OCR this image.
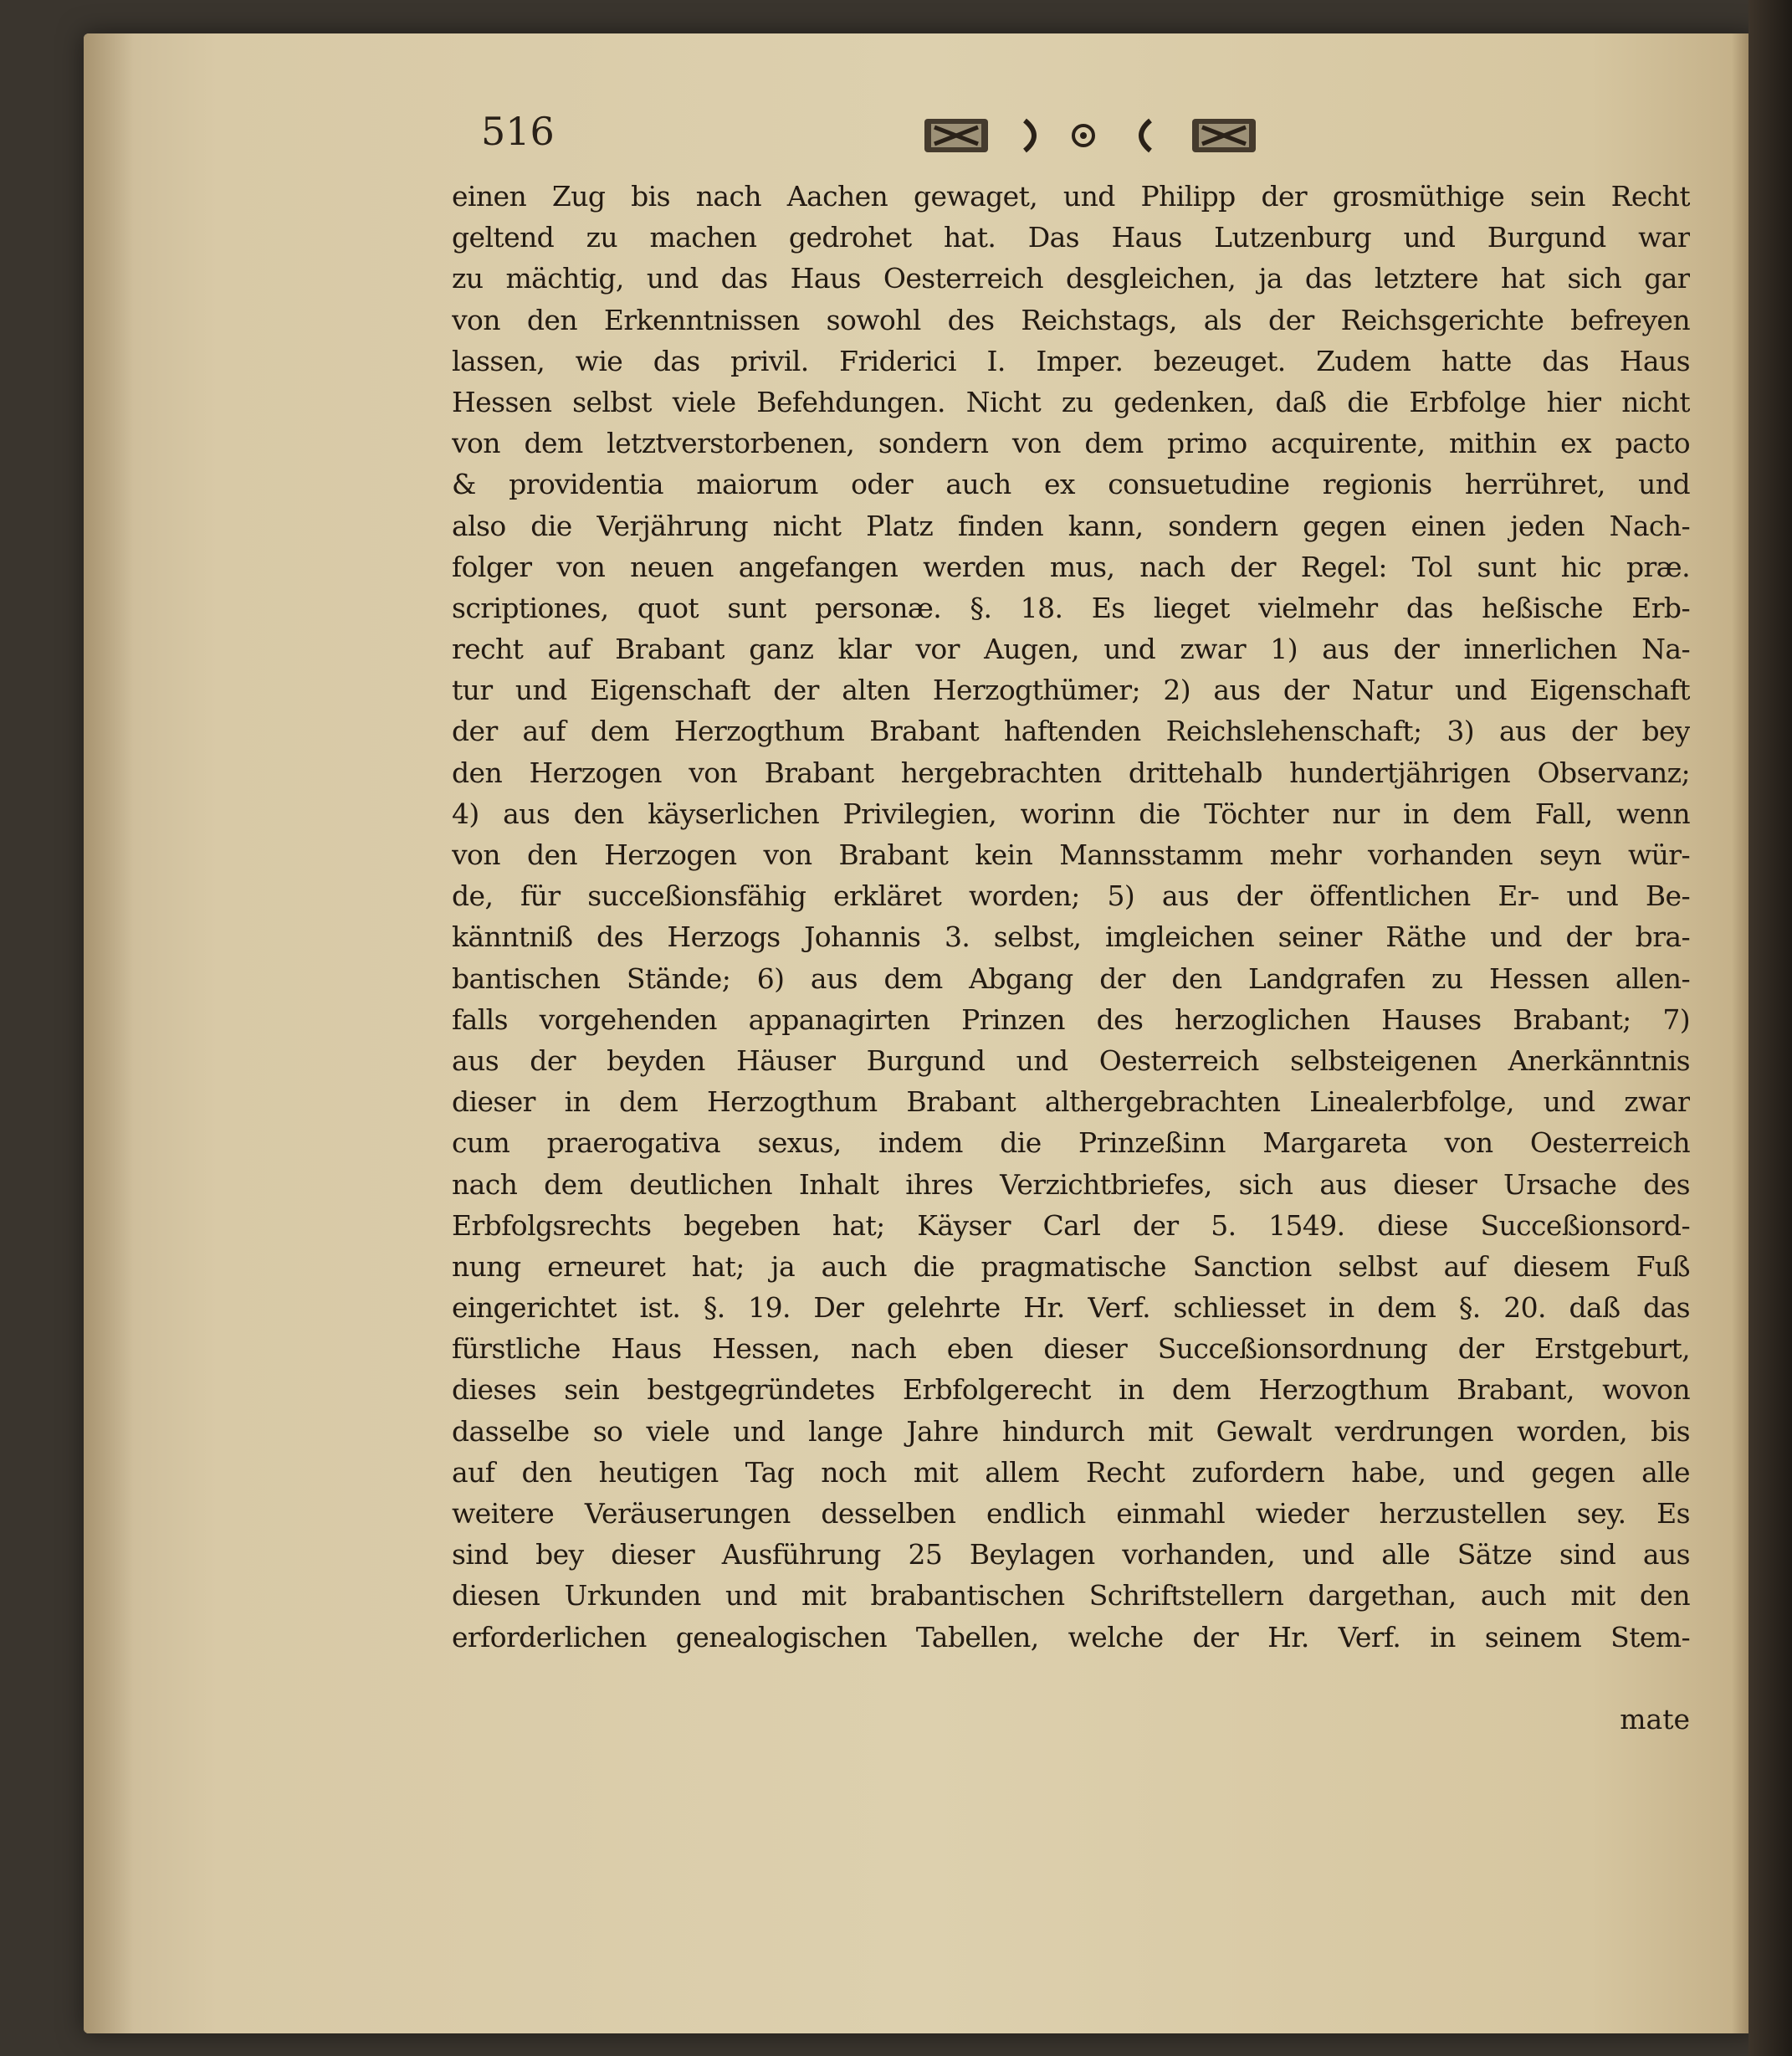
516
einen Zug bis nach Aachen gewaget, und Philipp der grosmüthige sein Recht
geltend zu machen gedrohet hat. Das Haus Lutzenburg und Burgund war
zu mächtig, und das Haus Oesterreich desgleichen, ja das letztere hat sich gar
von den Erkenntnissen sowohl des Reichstags, als der Reichsgerichte befreyen
lassen, wie das privil. Friderici I. Imper. bezeuget. Zudem hatte das Haus
Hessen selbst viele Befehdungen. Nicht zu gedenken, daß die Erbfolge hier nicht
von dem letztverstorbenen, sondern von dem primo acquirente, mithin ex pacto
& providentia maiorum oder auch ex consuetudine regionis herrühret, und
also die Verjährung nicht Platz finden kann, sondern gegen einen jeden Nach-
folger von neuen angefangen werden mus, nach der Regel: Tol sunt hic præ.
scriptiones, quot sunt personæ. §. 18. Es lieget vielmehr das heßische Erb-
recht auf Brabant ganz klar vor Augen, und zwar 1) aus der innerlichen Na-
tur und Eigenschaft der alten Herzogthümer; 2) aus der Natur und Eigenschaft
der auf dem Herzogthum Brabant haftenden Reichslehenschaft; 3) aus der bey
den Herzogen von Brabant hergebrachten drittehalb hundertjährigen Observanz;
4) aus den käyserlichen Privilegien, worinn die Töchter nur in dem Fall, wenn
von den Herzogen von Brabant kein Mannsstamm mehr vorhanden seyn wür-
de, für succeßionsfähig erkläret worden; 5) aus der öffentlichen Er- und Be-
känntniß des Herzogs Johannis 3. selbst, imgleichen seiner Räthe und der bra-
bantischen Stände; 6) aus dem Abgang der den Landgrafen zu Hessen allen-
falls vorgehenden appanagirten Prinzen des herzoglichen Hauses Brabant; 7)
aus der beyden Häuser Burgund und Oesterreich selbsteigenen Anerkänntnis
dieser in dem Herzogthum Brabant althergebrachten Linealerbfolge, und zwar
cum praerogativa sexus, indem die Prinzeßinn Margareta von Oesterreich
nach dem deutlichen Inhalt ihres Verzichtbriefes, sich aus dieser Ursache des
Erbfolgsrechts begeben hat; Käyser Carl der 5. 1549. diese Succeßionsord-
nung erneuret hat; ja auch die pragmatische Sanction selbst auf diesem Fuß
eingerichtet ist. §. 19. Der gelehrte Hr. Verf. schliesset in dem §. 20. daß das
fürstliche Haus Hessen, nach eben dieser Succeßionsordnung der Erstgeburt,
dieses sein bestgegründetes Erbfolgerecht in dem Herzogthum Brabant, wovon
dasselbe so viele und lange Jahre hindurch mit Gewalt verdrungen worden, bis
auf den heutigen Tag noch mit allem Recht zufordern habe, und gegen alle
weitere Veräuserungen desselben endlich einmahl wieder herzustellen sey. Es
sind bey dieser Ausführung 25 Beylagen vorhanden, und alle Sätze sind aus
diesen Urkunden und mit brabantischen Schriftstellern dargethan, auch mit den
erforderlichen genealogischen Tabellen, welche der Hr. Verf. in seinem Stem-
mate
